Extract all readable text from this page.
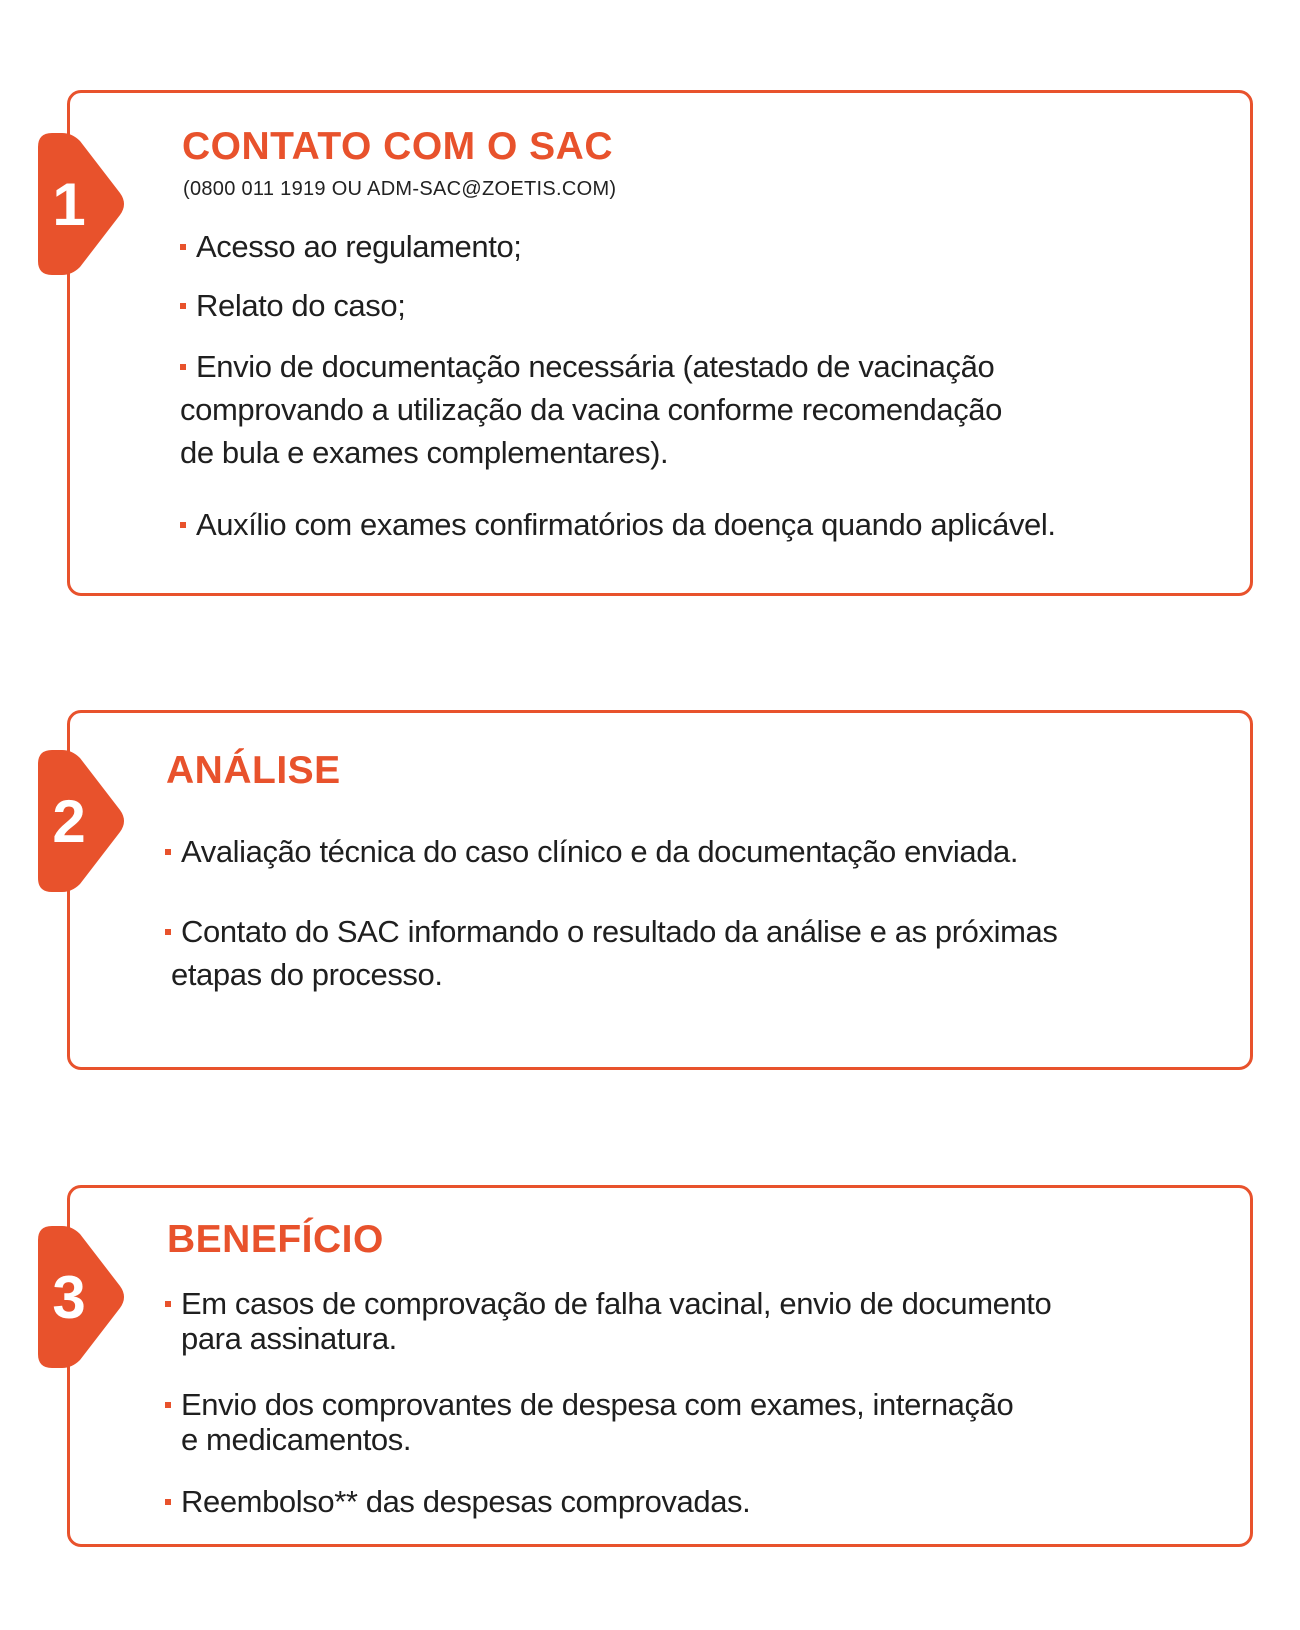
1
CONTATO COM O SAC
(0800 011 1919 OU ADM-SAC@ZOETIS.COM)

Acesso ao regulamento;

Relato do caso;

Envio de documentação necessária (atestado de vacinação
comprovando a utilização da vacina conforme recomendação
de bula e exames complementares).

Auxílio com exames confirmatórios da doença quando aplicável.

2
ANÁLISE

Avaliação técnica do caso clínico e da documentação enviada.

Contato do SAC informando o resultado da análise e as próximas
etapas do processo.

3
BENEFÍCIO

Em casos de comprovação de falha vacinal, envio de documento
para assinatura.

Envio dos comprovantes de despesa com exames, internação
e medicamentos.

Reembolso** das despesas comprovadas.
